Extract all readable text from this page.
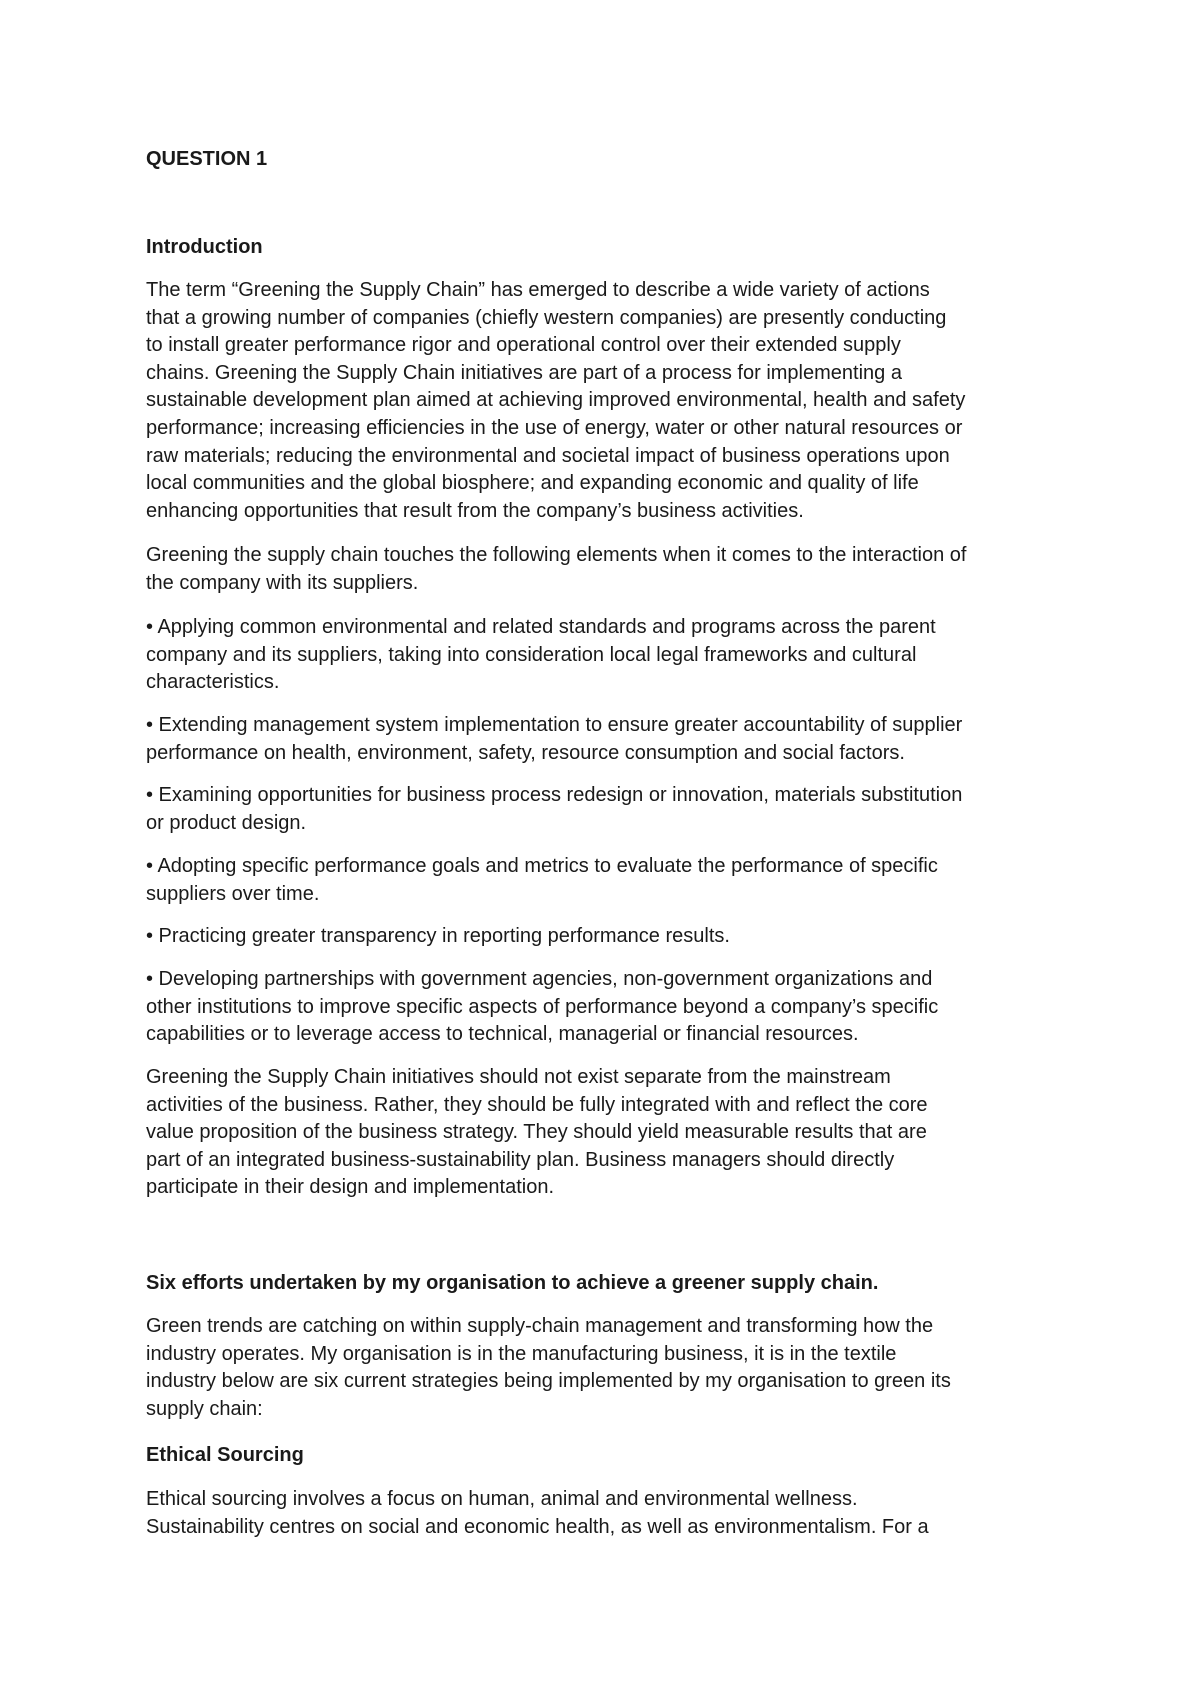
QUESTION 1
Introduction

The term “Greening the Supply Chain” has emerged to describe a wide variety of actions

that a growing number of companies (chiefly western companies) are presently conducting

to install greater performance rigor and operational control over their extended supply

chains. Greening the Supply Chain initiatives are part of a process for implementing a

sustainable development plan aimed at achieving improved environmental, health and safety

performance; increasing efficiencies in the use of energy, water or other natural resources or

raw materials; reducing the environmental and societal impact of business operations upon

local communities and the global biosphere; and expanding economic and quality of life

enhancing opportunities that result from the company’s business activities.

Greening the supply chain touches the following elements when it comes to the interaction of

the company with its suppliers.

• Applying common environmental and related standards and programs across the parent

company and its suppliers, taking into consideration local legal frameworks and cultural

characteristics.

• Extending management system implementation to ensure greater accountability of supplier

performance on health, environment, safety, resource consumption and social factors.

• Examining opportunities for business process redesign or innovation, materials substitution

or product design.

• Adopting specific performance goals and metrics to evaluate the performance of specific

suppliers over time.

• Practicing greater transparency in reporting performance results.

• Developing partnerships with government agencies, non-government organizations and

other institutions to improve specific aspects of performance beyond a company’s specific

capabilities or to leverage access to technical, managerial or financial resources.

Greening the Supply Chain initiatives should not exist separate from the mainstream

activities of the business. Rather, they should be fully integrated with and reflect the core

value proposition of the business strategy. They should yield measurable results that are

part of an integrated business-sustainability plan. Business managers should directly

participate in their design and implementation.

Six efforts undertaken by my organisation to achieve a greener supply chain.

Green trends are catching on within supply-chain management and transforming how the

industry operates. My organisation is in the manufacturing business, it is in the textile

industry below are six current strategies being implemented by my organisation to green its

supply chain:

Ethical Sourcing

Ethical sourcing involves a focus on human, animal and environmental wellness.

Sustainability centres on social and economic health, as well as environmentalism. For a
